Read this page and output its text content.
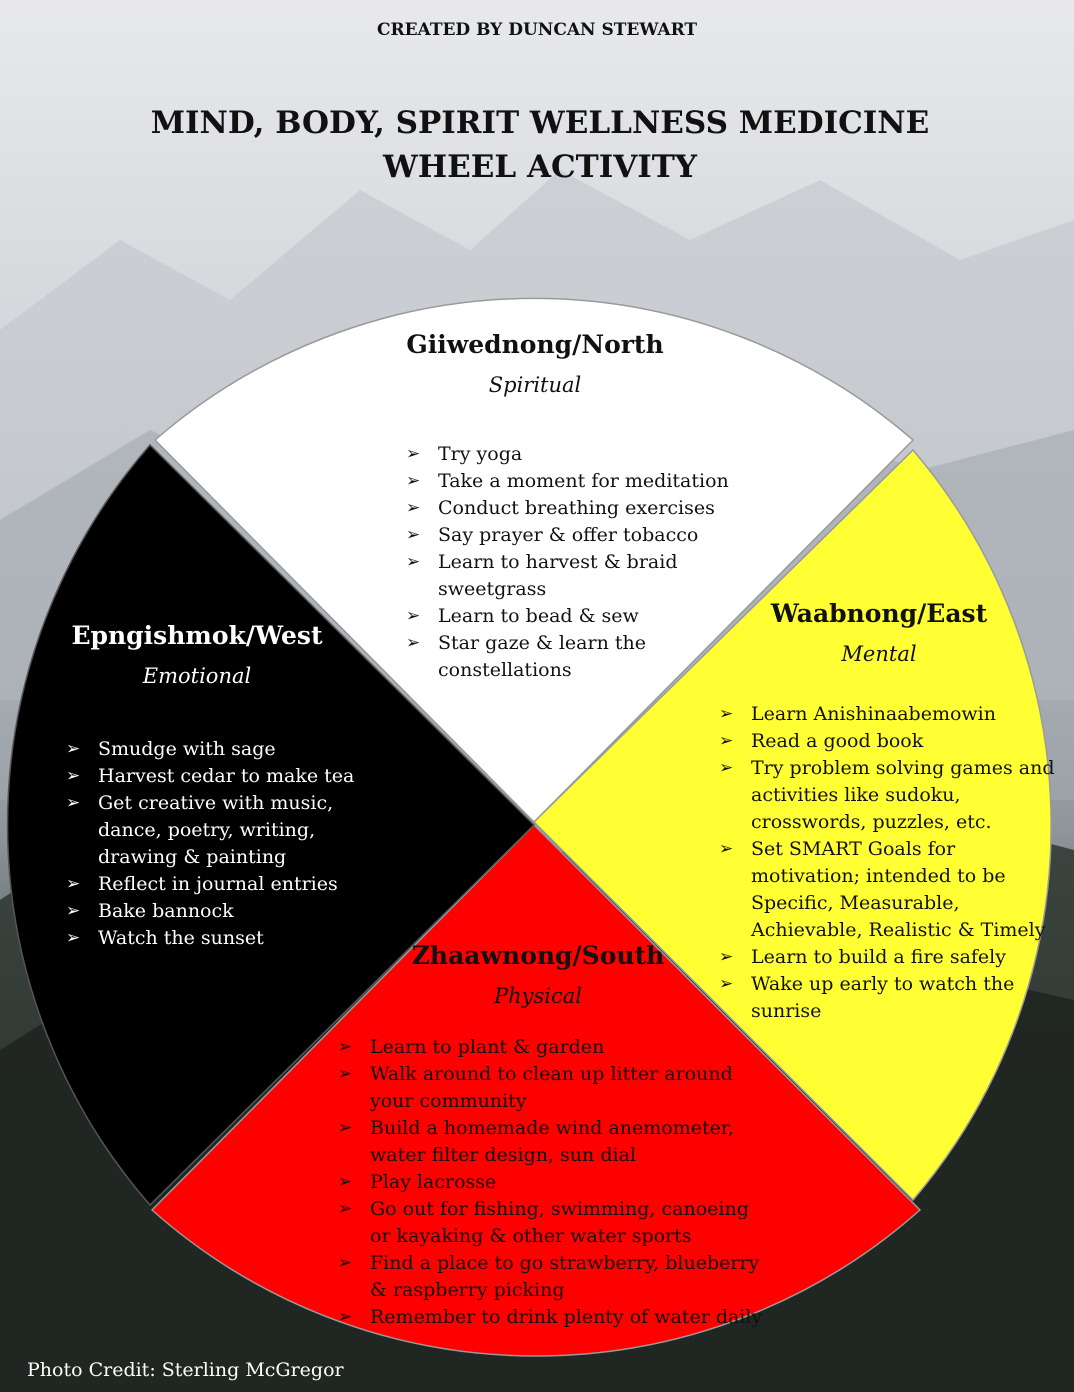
CREATED BY DUNCAN STEWART
MIND, BODY, SPIRIT WELLNESS MEDICINE WHEEL ACTIVITY
Giiwednong/North
Spiritual
➢ Try yoga
➢ Take a moment for meditation
➢ Conduct breathing exercises
➢ Say prayer & offer tobacco
➢ Learn to harvest & braid sweetgrass
➢ Learn to bead & sew
➢ Star gaze & learn the constellations
Waabnong/East
Mental
➢ Learn Anishinaabemowin
➢ Read a good book
➢ Try problem solving games and activities like sudoku, crosswords, puzzles, etc.
➢ Set SMART Goals for motivation; intended to be Specific, Measurable, Achievable, Realistic & Timely
➢ Learn to build a fire safely
➢ Wake up early to watch the sunrise
Epngishmok/West
Emotional
➢ Smudge with sage
➢ Harvest cedar to make tea
➢ Get creative with music, dance, poetry, writing, drawing & painting
➢ Reflect in journal entries
➢ Bake bannock
➢ Watch the sunset
Zhaawnong/South
Physical
➢ Learn to plant & garden
➢ Walk around to clean up litter around your community
➢ Build a homemade wind anemometer, water filter design, sun dial
➢ Play lacrosse
➢ Go out for fishing, swimming, canoeing or kayaking & other water sports
➢ Find a place to go strawberry, blueberry & raspberry picking
➢ Remember to drink plenty of water daily
Photo Credit: Sterling McGregor
